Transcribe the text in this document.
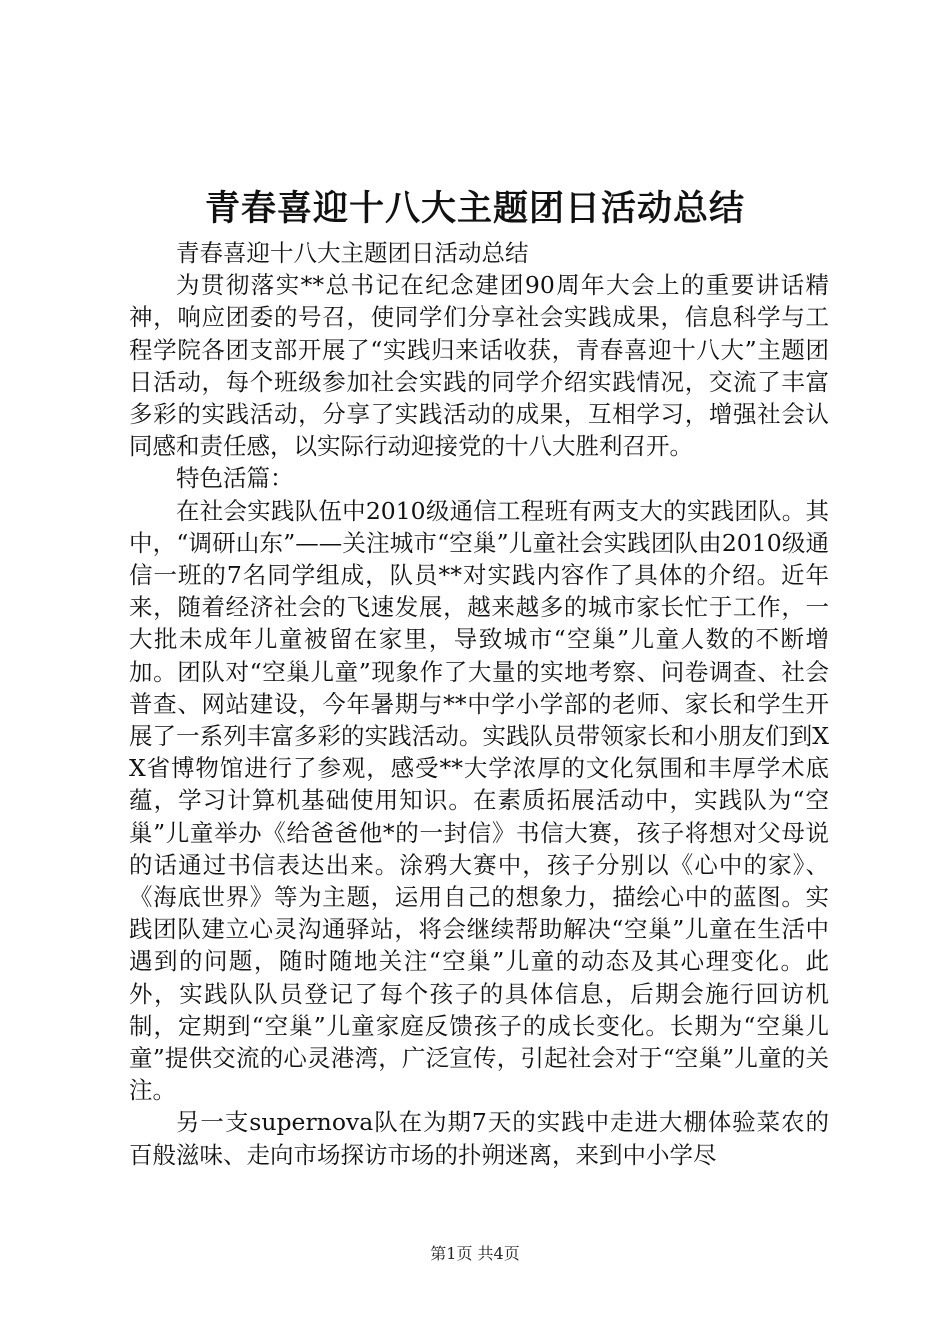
青春喜迎十八大主题团日活动总结

青春喜迎十八大主题团日活动总结

为贯彻落实**总书记在纪念建团90周年大会上的重要讲话精神，响应团委的号召，使同学们分享社会实践成果，信息科学与工程学院各团支部开展了“实践归来话收获，青春喜迎十八大”主题团日活动，每个班级参加社会实践的同学介绍实践情况，交流了丰富多彩的实践活动，分享了实践活动的成果，互相学习，增强社会认同感和责任感，以实际行动迎接党的十八大胜利召开。

特色活篇：

在社会实践队伍中2010级通信工程班有两支大的实践团队。其中，“调研山东”——关注城市“空巢”儿童社会实践团队由2010级通信一班的7名同学组成，队员**对实践内容作了具体的介绍。近年来，随着经济社会的飞速发展，越来越多的城市家长忙于工作，一大批未成年儿童被留在家里，导致城市“空巢”儿童人数的不断增加。团队对“空巢儿童”现象作了大量的实地考察、问卷调查、社会普查、网站建设，今年暑期与**中学小学部的老师、家长和学生开展了一系列丰富多彩的实践活动。实践队员带领家长和小朋友们到XX省博物馆进行了参观，感受**大学浓厚的文化氛围和丰厚学术底蕴，学习计算机基础使用知识。在素质拓展活动中，实践队为“空巢”儿童举办《给爸爸他*的一封信》书信大赛，孩子将想对父母说的话通过书信表达出来。涂鸦大赛中，孩子分别以《心中的家》、《海底世界》等为主题，运用自己的想象力，描绘心中的蓝图。实践团队建立心灵沟通驿站，将会继续帮助解决“空巢”儿童在生活中遇到的问题，随时随地关注“空巢”儿童的动态及其心理变化。此外，实践队队员登记了每个孩子的具体信息，后期会施行回访机制，定期到“空巢”儿童家庭反馈孩子的成长变化。长期为“空巢儿童”提供交流的心灵港湾，广泛宣传，引起社会对于“空巢”儿童的关注。

另一支supernova队在为期7天的实践中走进大棚体验菜农的百般滋味、走向市场探访市场的扑朔迷离，来到中小学尽

第1页 共4页
